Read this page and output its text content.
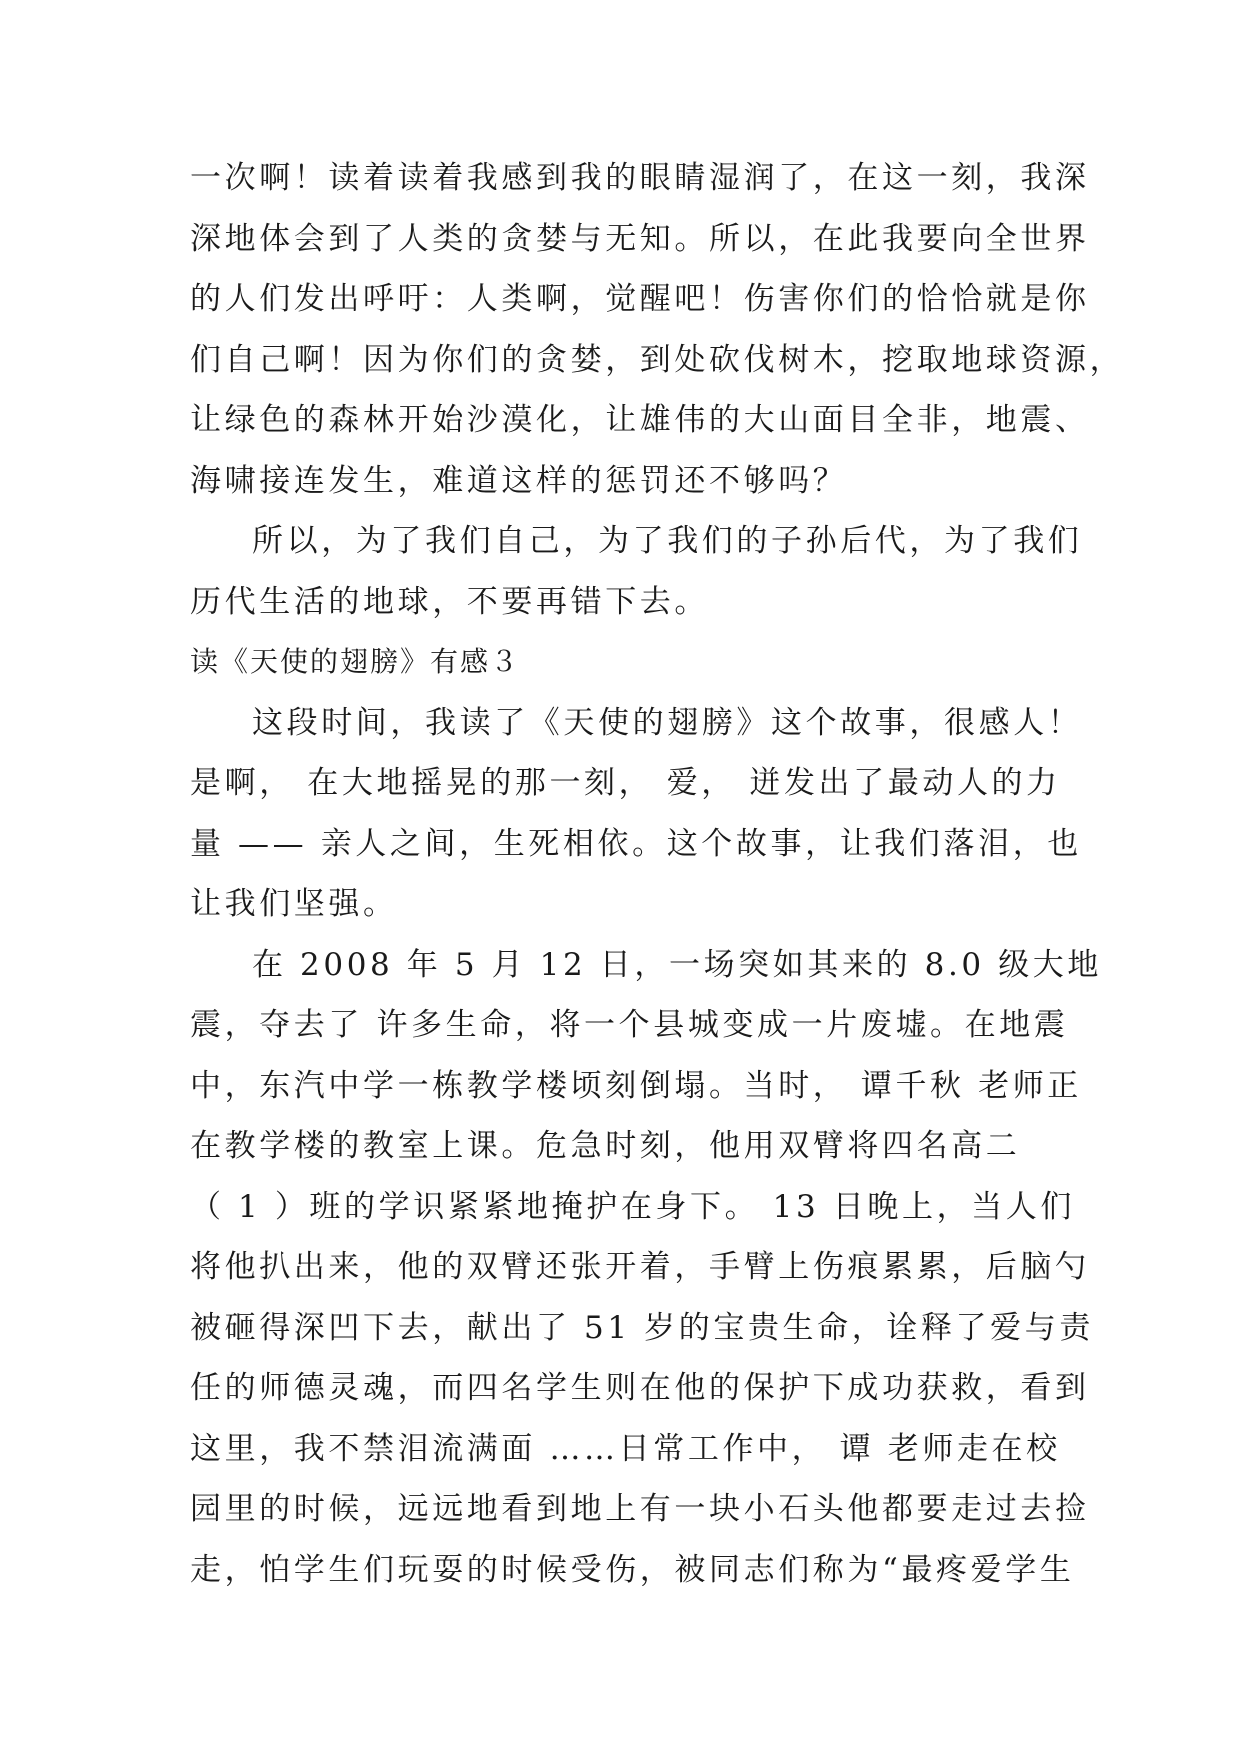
一次啊！读着读着我感到我的眼睛湿润了，在这一刻，我深
深地体会到了人类的贪婪与无知。所以，在此我要向全世界
的人们发出呼吁：人类啊，觉醒吧！伤害你们的恰恰就是你
们自己啊！因为你们的贪婪，到处砍伐树木，挖取地球资源，
让绿色的森林开始沙漠化，让雄伟的大山面目全非，地震、
海啸接连发生，难道这样的惩罚还不够吗？
所以，为了我们自己，为了我们的子孙后代，为了我们
历代生活的地球，不要再错下去。
读《天使的翅膀》有感３
这段时间，我读了《天使的翅膀》这个故事，很感人！
是啊， 在大地摇晃的那一刻， 爱， 迸发出了最动人的力
量 —— 亲人之间，生死相依。这个故事，让我们落泪，也
让我们坚强。
在 2008 年 5 月 12 日，一场突如其来的 8.0 级大地
震，夺去了 许多生命，将一个县城变成一片废墟。在地震
中，东汽中学一栋教学楼顷刻倒塌。当时， 谭千秋 老师正
在教学楼的教室上课。危急时刻，他用双臂将四名高二
（ 1 ）班的学识紧紧地掩护在身下。 13 日晚上，当人们
将他扒出来，他的双臂还张开着，手臂上伤痕累累，后脑勺
被砸得深凹下去，献出了 51 岁的宝贵生命，诠释了爱与责
任的师德灵魂，而四名学生则在他的保护下成功获救，看到
这里，我不禁泪流满面 ……日常工作中， 谭 老师走在校
园里的时候，远远地看到地上有一块小石头他都要走过去捡
走，怕学生们玩耍的时候受伤，被同志们称为“最疼爱学生
